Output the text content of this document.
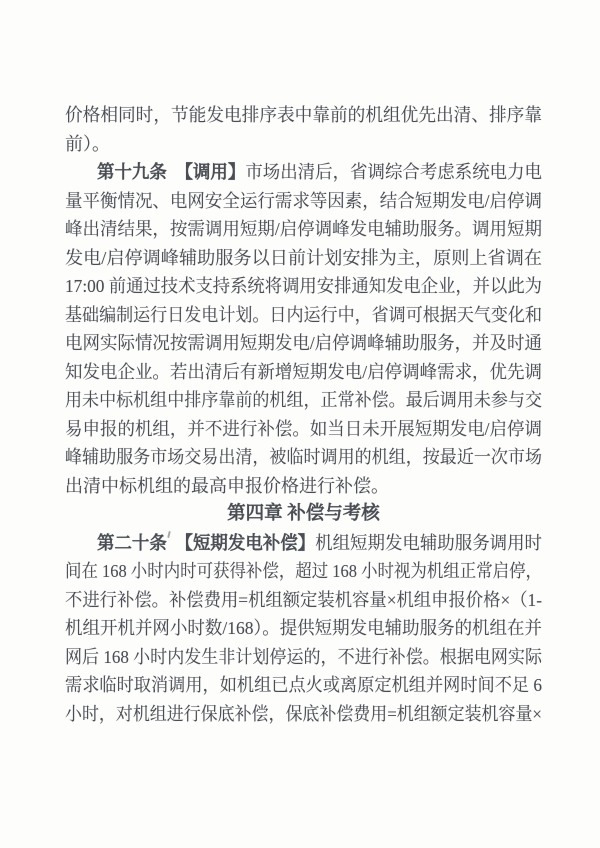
价格相同时，节能发电排序表中靠前的机组优先出清、排序靠
前）。
第十九条　 【调用】市场出清后，省调综合考虑系统电力电
量平衡情况、电网安全运行需求等因素，结合短期发电/启停调
峰出清结果，按需调用短期/启停调峰发电辅助服务。调用短期
发电/启停调峰辅助服务以日前计划安排为主，原则上省调在
17:00 前通过技术支持系统将调用安排通知发电企业，并以此为
基础编制运行日发电计划。日内运行中，省调可根据天气变化和
电网实际情况按需调用短期发电/启停调峰辅助服务，并及时通
知发电企业。若出清后有新增短期发电/启停调峰需求，优先调
用未中标机组中排序靠前的机组，正常补偿。最后调用未参与交
易申报的机组，并不进行补偿。如当日未开展短期发电/启停调
峰辅助服务市场交易出清，被临时调用的机组，按最近一次市场
出清中标机组的最高申报价格进行补偿。
第四章 补偿与考核
第二十条　 【短期发电补偿】机组短期发电辅助服务调用时
间在 168 小时内时可获得补偿，超过 168 小时视为机组正常启停，
不进行补偿。补偿费用=机组额定装机容量×机组申报价格×（1-
机组开机并网小时数/168）。提供短期发电辅助服务的机组在并
网后 168 小时内发生非计划停运的，不进行补偿。根据电网实际
需求临时取消调用，如机组已点火或离原定机组并网时间不足 6
小时，对机组进行保底补偿，保底补偿费用=机组额定装机容量×
